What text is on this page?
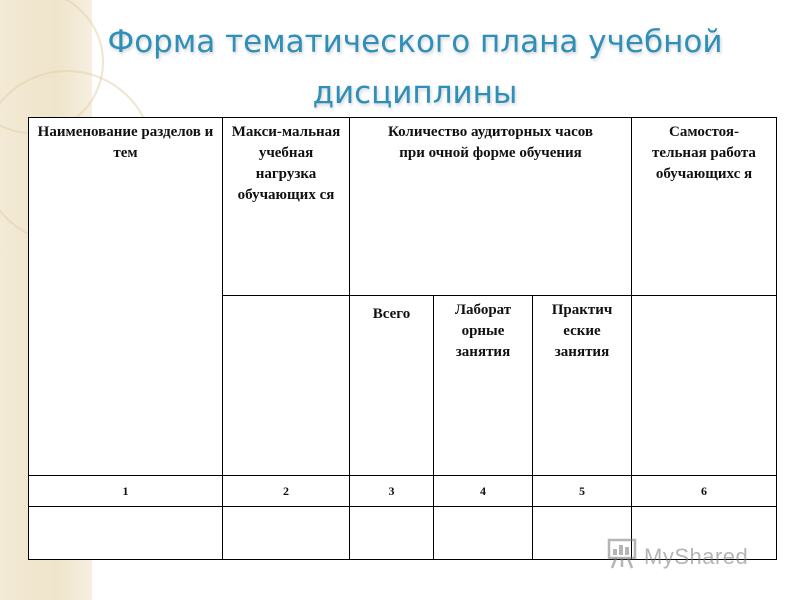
Форма тематического плана учебной
дисциплины
Наименование разделов и тем	Макси-мальная учебная нагрузка обучающих ся	Количество аудиторных часов при очной форме обучения			Самостоя-тельная работа обучающихс я
		Всего	Лаборат орные занятия	Практич еские занятия	
1	2	3	4	5	6

MyShared
